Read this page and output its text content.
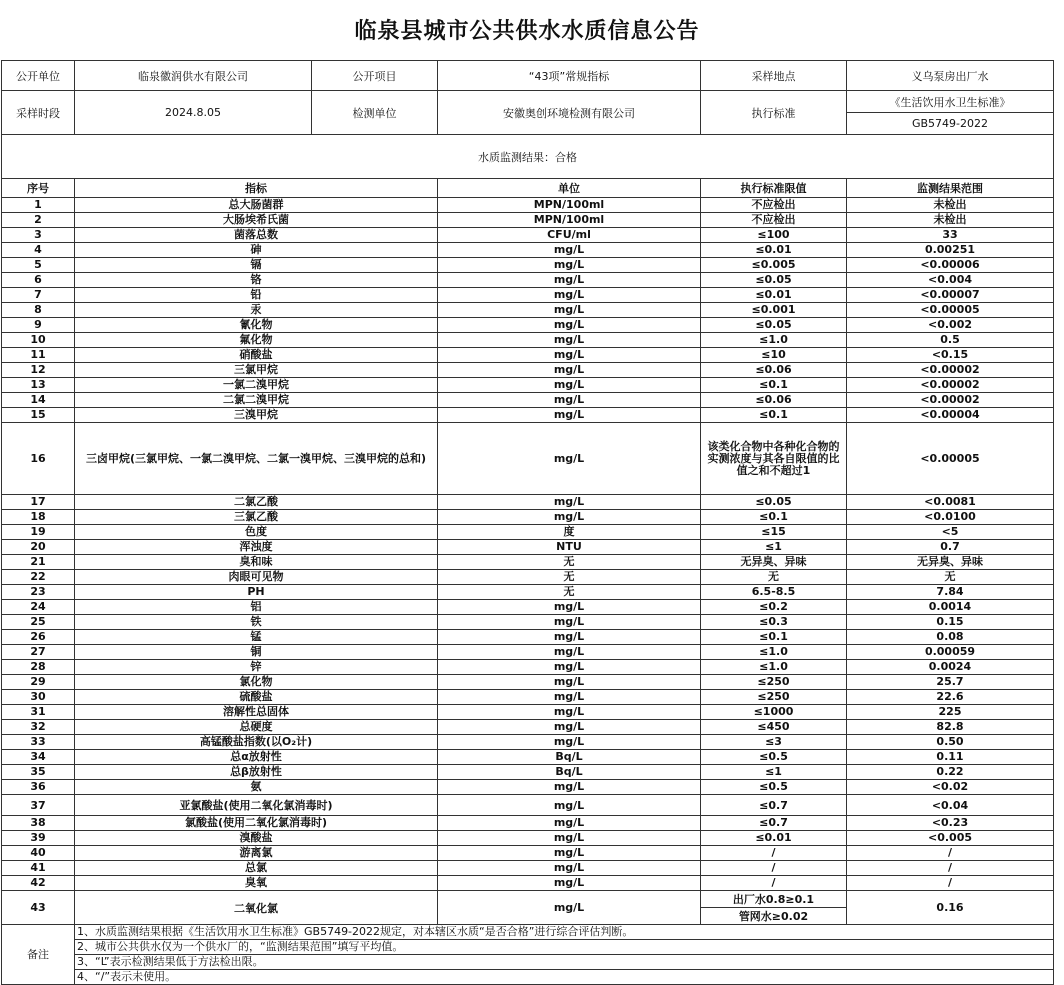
临泉县城市公共供水水质信息公告
公开单位	临泉徽润供水有限公司	公开项目	“43项”常规指标	采样地点	义乌泵房出厂水
采样时段	2024.8.05	检测单位	安徽奥创环境检测有限公司	执行标准	《生活饮用水卫生标准》
					GB5749-2022
水质监测结果：合格					
序号	指标		单位	执行标准限值	监测结果范围
1	总大肠菌群		MPN/100ml	不应检出	未检出
2	大肠埃希氏菌		MPN/100ml	不应检出	未检出
3	菌落总数		CFU/ml	≤100	33
4	砷		mg/L	≤0.01	0.00251
5	镉		mg/L	≤0.005	<0.00006
6	铬		mg/L	≤0.05	<0.004
7	铅		mg/L	≤0.01	<0.00007
8	汞		mg/L	≤0.001	<0.00005
9	氰化物		mg/L	≤0.05	<0.002
10	氟化物		mg/L	≤1.0	0.5
11	硝酸盐		mg/L	≤10	<0.15
12	三氯甲烷		mg/L	≤0.06	<0.00002
13	一氯二溴甲烷		mg/L	≤0.1	<0.00002
14	二氯二溴甲烷		mg/L	≤0.06	<0.00002
15	三溴甲烷		mg/L	≤0.1	<0.00004
16	三卤甲烷(三氯甲烷、一氯二溴甲烷、二氯一溴甲烷、三溴甲烷的总和)		mg/L	该类化合物中各种化合物的实测浓度与其各自限值的比值之和不超过1	<0.00005
17	二氯乙酸		mg/L	≤0.05	<0.0081
18	三氯乙酸		mg/L	≤0.1	<0.0100
19	色度		度	≤15	<5
20	浑浊度		NTU	≤1	0.7
21	臭和味		无	无异臭、异味	无异臭、异味
22	肉眼可见物		无	无	无
23	PH		无	6.5-8.5	7.84
24	铝		mg/L	≤0.2	0.0014
25	铁		mg/L	≤0.3	0.15
26	锰		mg/L	≤0.1	0.08
27	铜		mg/L	≤1.0	0.00059
28	锌		mg/L	≤1.0	0.0024
29	氯化物		mg/L	≤250	25.7
30	硫酸盐		mg/L	≤250	22.6
31	溶解性总固体		mg/L	≤1000	225
32	总硬度		mg/L	≤450	82.8
33	高锰酸盐指数(以O₂计)		mg/L	≤3	0.50
34	总α放射性		Bq/L	≤0.5	0.11
35	总β放射性		Bq/L	≤1	0.22
36	氨		mg/L	≤0.5	<0.02
37	亚氯酸盐(使用二氧化氯消毒时)		mg/L	≤0.7	<0.04
38	氯酸盐(使用二氧化氯消毒时)		mg/L	≤0.7	<0.23
39	溴酸盐		mg/L	≤0.01	<0.005
40	游离氯		mg/L	/	/
41	总氯		mg/L	/	/
42	臭氧		mg/L	/	/
43	二氧化氯		mg/L	出厂水0.8≥0.1	0.16
				管网水≥0.02	
备注	1、水质监测结果根据《生活饮用水卫生标准》GB5749-2022规定，对本辖区水质“是否合格”进行综合评估判断。				
	2、城市公共供水仅为一个供水厂的，“监测结果范围”填写平均值。				
	3、“L”表示检测结果低于方法检出限。				
	4、“/”表示未使用。				
